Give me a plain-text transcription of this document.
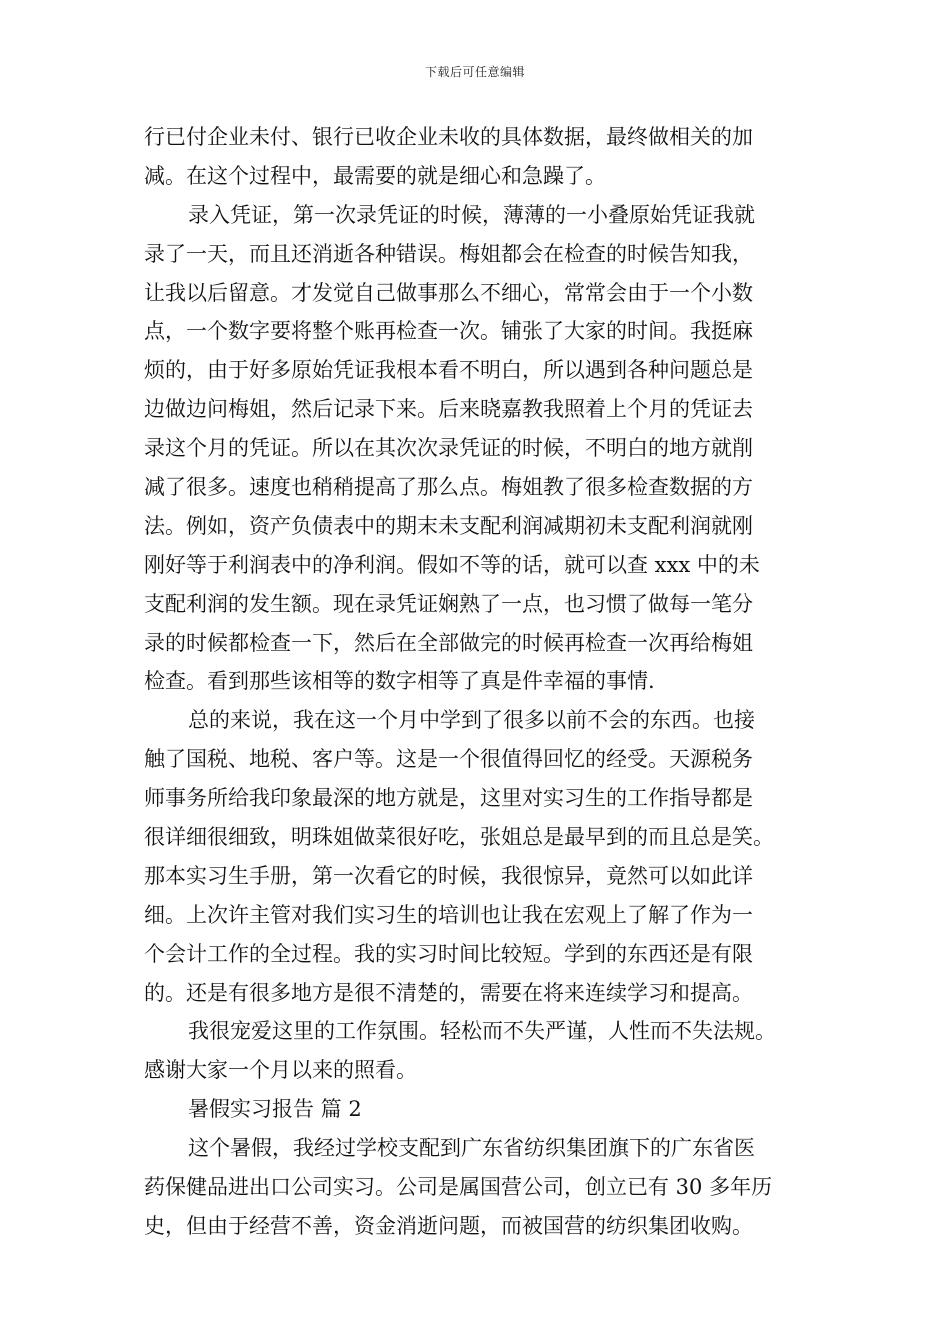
下载后可任意编辑
行已付企业未付、银行已收企业未收的具体数据，最终做相关的加
减。在这个过程中，最需要的就是细心和急躁了。
录入凭证，第一次录凭证的时候，薄薄的一小叠原始凭证我就
录了一天，而且还消逝各种错误。梅姐都会在检查的时候告知我，
让我以后留意。才发觉自己做事那么不细心，常常会由于一个小数
点，一个数字要将整个账再检查一次。铺张了大家的时间。我挺麻
烦的，由于好多原始凭证我根本看不明白，所以遇到各种问题总是
边做边问梅姐，然后记录下来。后来晓嘉教我照着上个月的凭证去
录这个月的凭证。所以在其次次录凭证的时候，不明白的地方就削
减了很多。速度也稍稍提高了那么点。梅姐教了很多检查数据的方
法。例如，资产负债表中的期末未支配利润减期初未支配利润就刚
刚好等于利润表中的净利润。假如不等的话，就可以查 xxx 中的未
支配利润的发生额。现在录凭证娴熟了一点，也习惯了做每一笔分
录的时候都检查一下，然后在全部做完的时候再检查一次再给梅姐
检查。看到那些该相等的数字相等了真是件幸福的事情.
总的来说，我在这一个月中学到了很多以前不会的东西。也接
触了国税、地税、客户等。这是一个很值得回忆的经受。天源税务
师事务所给我印象最深的地方就是，这里对实习生的工作指导都是
很详细很细致，明珠姐做菜很好吃，张姐总是最早到的而且总是笑。
那本实习生手册，第一次看它的时候，我很惊异，竟然可以如此详
细。上次许主管对我们实习生的培训也让我在宏观上了解了作为一
个会计工作的全过程。我的实习时间比较短。学到的东西还是有限
的。还是有很多地方是很不清楚的，需要在将来连续学习和提高。
我很宠爱这里的工作氛围。轻松而不失严谨，人性而不失法规。
感谢大家一个月以来的照看。
暑假实习报告 篇 2
这个暑假，我经过学校支配到广东省纺织集团旗下的广东省医
药保健品进出口公司实习。公司是属国营公司，创立已有 30 多年历
史，但由于经营不善，资金消逝问题，而被国营的纺织集团收购。
